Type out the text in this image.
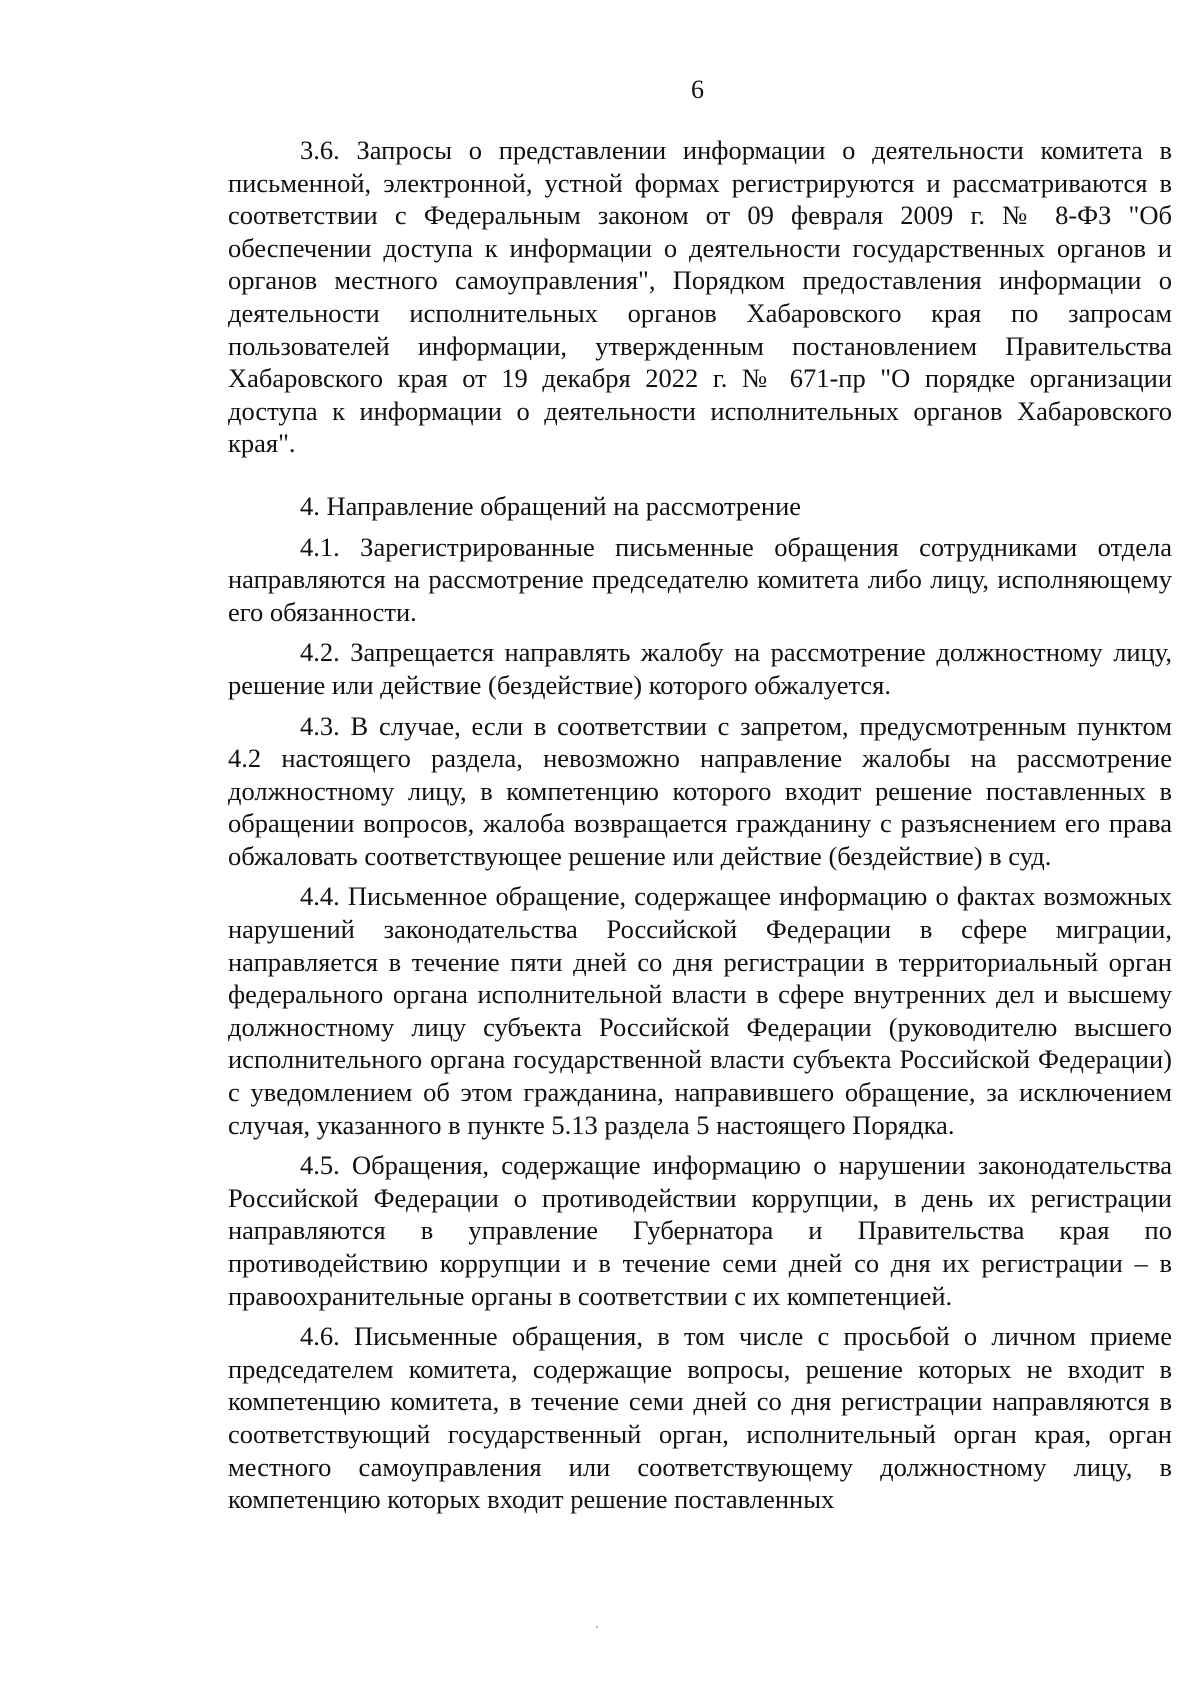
6

3.6. Запросы о представлении информации о деятельности комитета в письменной, электронной, устной формах регистрируются и рассматриваются в соответствии с Федеральным законом от 09 февраля 2009 г. № 8-ФЗ "Об обеспечении доступа к информации о деятельности государственных органов и органов местного самоуправления", Порядком предоставления информации о деятельности исполнительных органов Хабаровского края по запросам пользователей информации, утвержденным постановлением Правительства Хабаровского края от 19 декабря 2022 г. № 671-пр "О порядке организации доступа к информации о деятельности исполнительных органов Хабаровского края".

4. Направление обращений на рассмотрение

4.1. Зарегистрированные письменные обращения сотрудниками отдела направляются на рассмотрение председателю комитета либо лицу, исполняющему его обязанности.

4.2. Запрещается направлять жалобу на рассмотрение должностному лицу, решение или действие (бездействие) которого обжалуется.

4.3. В случае, если в соответствии с запретом, предусмотренным пунктом 4.2 настоящего раздела, невозможно направление жалобы на рассмотрение должностному лицу, в компетенцию которого входит решение поставленных в обращении вопросов, жалоба возвращается гражданину с разъяснением его права обжаловать соответствующее решение или действие (бездействие) в суд.

4.4. Письменное обращение, содержащее информацию о фактах возможных нарушений законодательства Российской Федерации в сфере миграции, направляется в течение пяти дней со дня регистрации в территориальный орган федерального органа исполнительной власти в сфере внутренних дел и высшему должностному лицу субъекта Российской Федерации (руководителю высшего исполнительного органа государственной власти субъекта Российской Федерации) с уведомлением об этом гражданина, направившего обращение, за исключением случая, указанного в пункте 5.13 раздела 5 настоящего Порядка.

4.5. Обращения, содержащие информацию о нарушении законодательства Российской Федерации о противодействии коррупции, в день их регистрации направляются в управление Губернатора и Правительства края по противодействию коррупции и в течение семи дней со дня их регистрации – в правоохранительные органы в соответствии с их компетенцией.

4.6. Письменные обращения, в том числе с просьбой о личном приеме председателем комитета, содержащие вопросы, решение которых не входит в компетенцию комитета, в течение семи дней со дня регистрации направляются в соответствующий государственный орган, исполнительный орган края, орган местного самоуправления или соответствующему должностному лицу, в компетенцию которых входит решение поставленных
